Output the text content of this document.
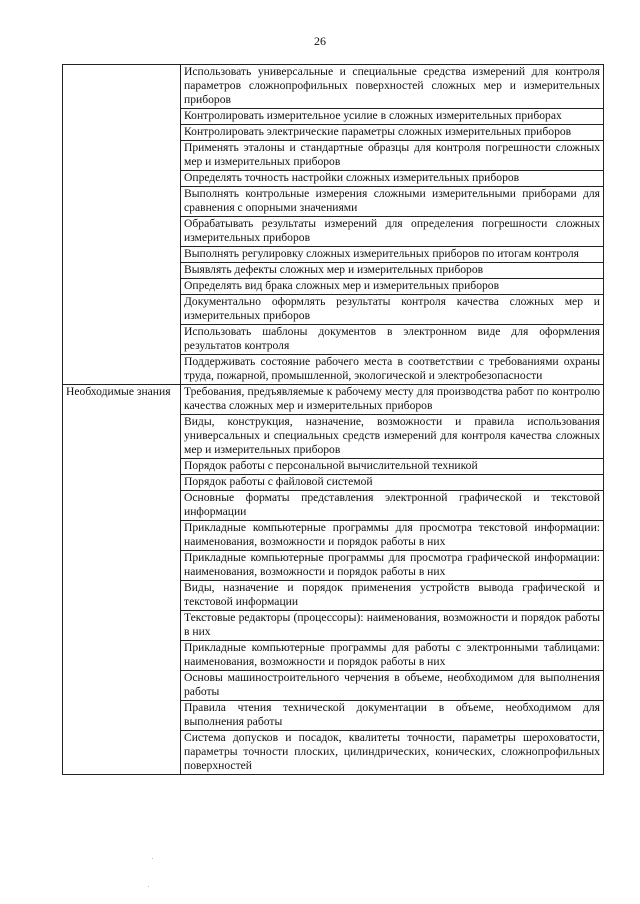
26
	Использовать универсальные и специальные средства измерений для контроля параметров сложнопрофильных поверхностей сложных мер и измерительных приборов
	Контролировать измерительное усилие в сложных измерительных приборах
	Контролировать электрические параметры сложных измерительных приборов
	Применять эталоны и стандартные образцы для контроля погрешности сложных мер и измерительных приборов
	Определять точность настройки сложных измерительных приборов
	Выполнять контрольные измерения сложными измерительными приборами для сравнения с опорными значениями
	Обрабатывать результаты измерений для определения погрешности сложных измерительных приборов
	Выполнять регулировку сложных измерительных приборов по итогам контроля
	Выявлять дефекты сложных мер и измерительных приборов
	Определять вид брака сложных мер и измерительных приборов
	Документально оформлять результаты контроля качества сложных мер и измерительных приборов
	Использовать шаблоны документов в электронном виде для оформления результатов контроля
	Поддерживать состояние рабочего места в соответствии с требованиями охраны труда, пожарной, промышленной, экологической и электробезопасности
Необходимые знания	Требования, предъявляемые к рабочему месту для производства работ по контролю качества сложных мер и измерительных приборов
	Виды, конструкция, назначение, возможности и правила использования универсальных и специальных средств измерений для контроля качества сложных мер и измерительных приборов
	Порядок работы с персональной вычислительной техникой
	Порядок работы с файловой системой
	Основные форматы представления электронной графической и текстовой информации
	Прикладные компьютерные программы для просмотра текстовой информации: наименования, возможности и порядок работы в них
	Прикладные компьютерные программы для просмотра графической информации: наименования, возможности и порядок работы в них
	Виды, назначение и порядок применения устройств вывода графической и текстовой информации
	Текстовые редакторы (процессоры): наименования, возможности и порядок работы в них
	Прикладные компьютерные программы для работы с электронными таблицами: наименования, возможности и порядок работы в них
	Основы машиностроительного черчения в объеме, необходимом для выполнения работы
	Правила чтения технической документации в объеме, необходимом для выполнения работы
	Система допусков и посадок, квалитеты точности, параметры шероховатости, параметры точности плоских, цилиндрических, конических, сложнопрофильных поверхностей
